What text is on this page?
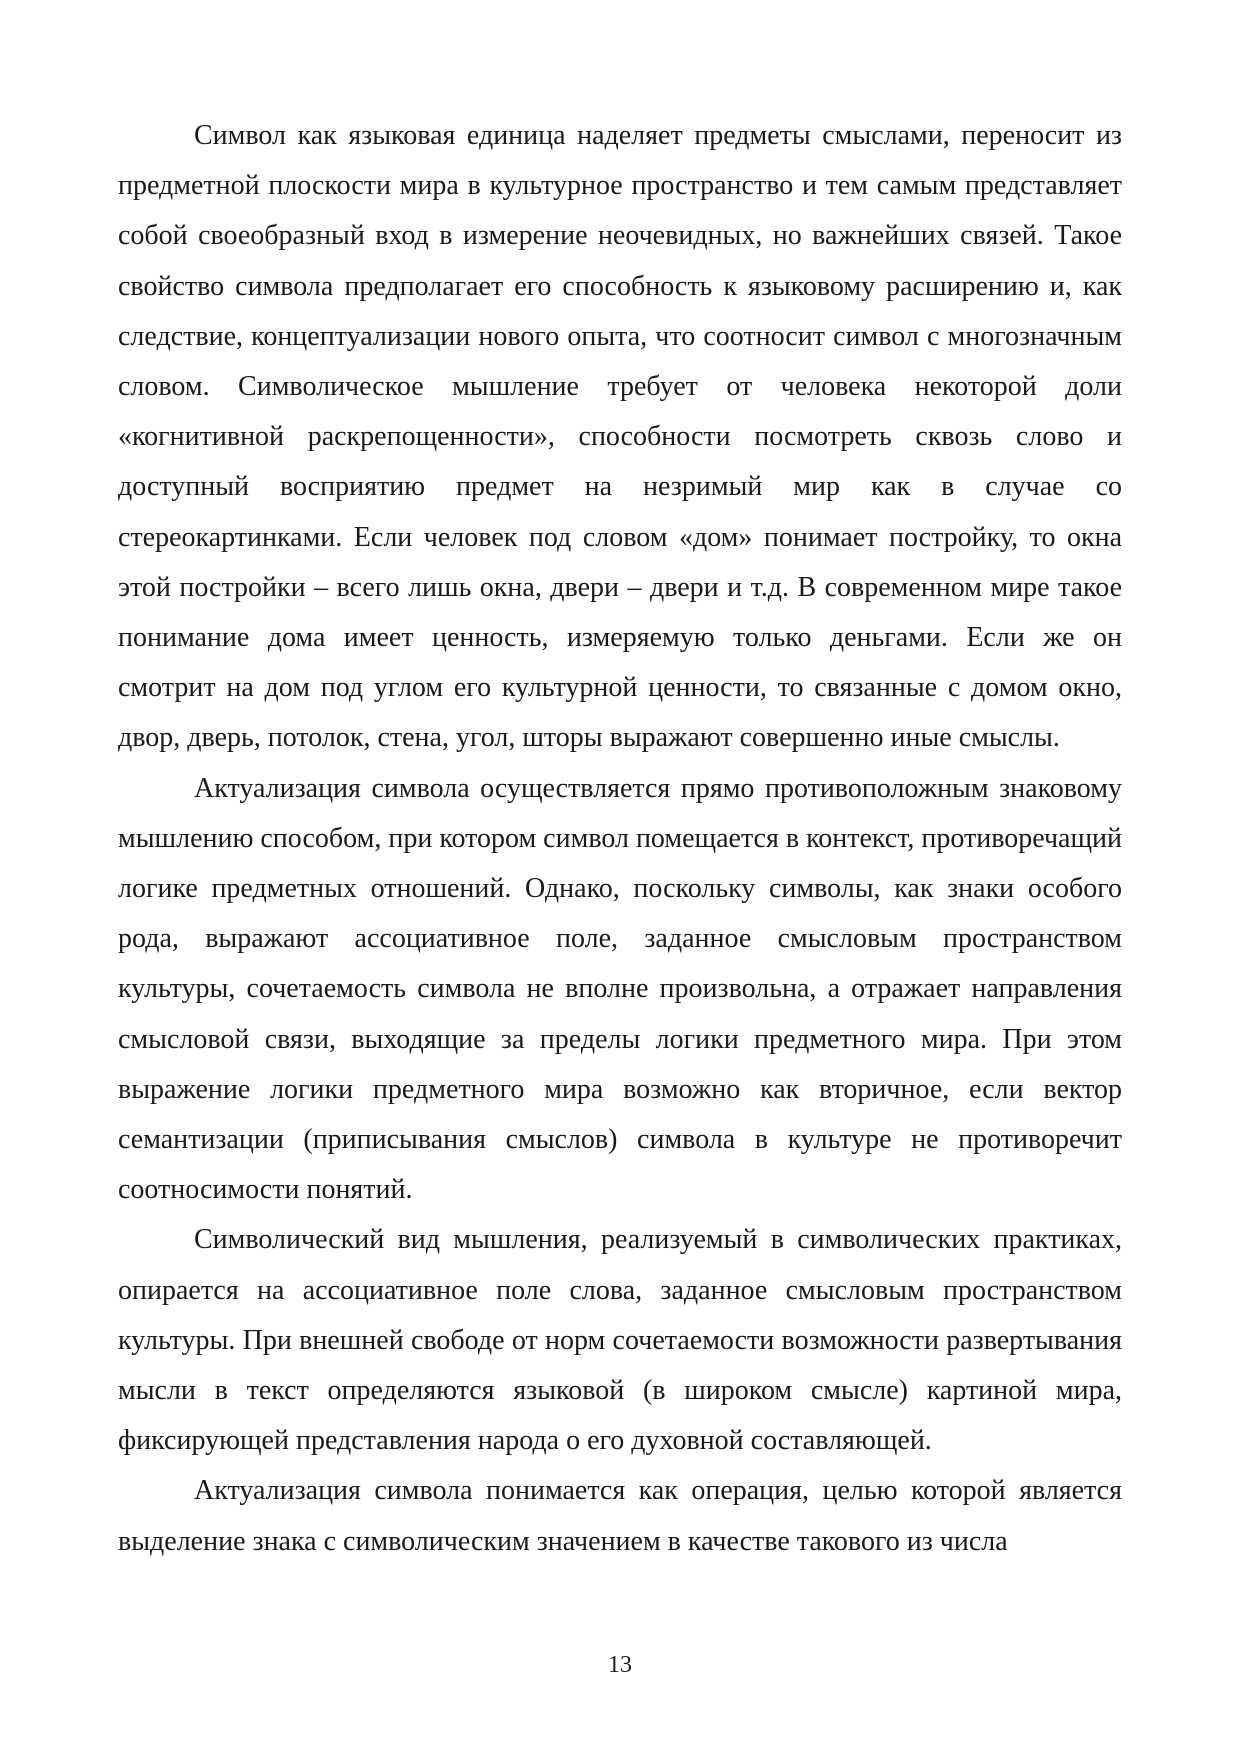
Символ как языковая единица наделяет предметы смыслами, переносит из предметной плоскости мира в культурное пространство и тем самым представляет собой своеобразный вход в измерение неочевидных, но важнейших связей. Такое свойство символа предполагает его способность к языковому расширению и, как следствие, концептуализации нового опыта, что соотносит символ с многозначным словом. Символическое мышление требует от человека некоторой доли «когнитивной раскрепощенности», способности посмотреть сквозь слово и доступный восприятию предмет на незримый мир как в случае со стереокартинками. Если человек под словом «дом» понимает постройку, то окна этой постройки – всего лишь окна, двери – двери и т.д. В современном мире такое понимание дома имеет ценность, измеряемую только деньгами. Если же он смотрит на дом под углом его культурной ценности, то связанные с домом окно, двор, дверь, потолок, стена, угол, шторы выражают совершенно иные смыслы.

Актуализация символа осуществляется прямо противоположным знаковому мышлению способом, при котором символ помещается в контекст, противоречащий логике предметных отношений. Однако, поскольку символы, как знаки особого рода, выражают ассоциативное поле, заданное смысловым пространством культуры, сочетаемость символа не вполне произвольна, а отражает направления смысловой связи, выходящие за пределы логики предметного мира. При этом выражение логики предметного мира возможно как вторичное, если вектор семантизации (приписывания смыслов) символа в культуре не противоречит соотносимости понятий.

Символический вид мышления, реализуемый в символических практиках, опирается на ассоциативное поле слова, заданное смысловым пространством культуры. При внешней свободе от норм сочетаемости возможности развертывания мысли в текст определяются языковой (в широком смысле) картиной мира, фиксирующей представления народа о его духовной составляющей.

Актуализация символа понимается как операция, целью которой является выделение знака с символическим значением в качестве такового из числа

13
